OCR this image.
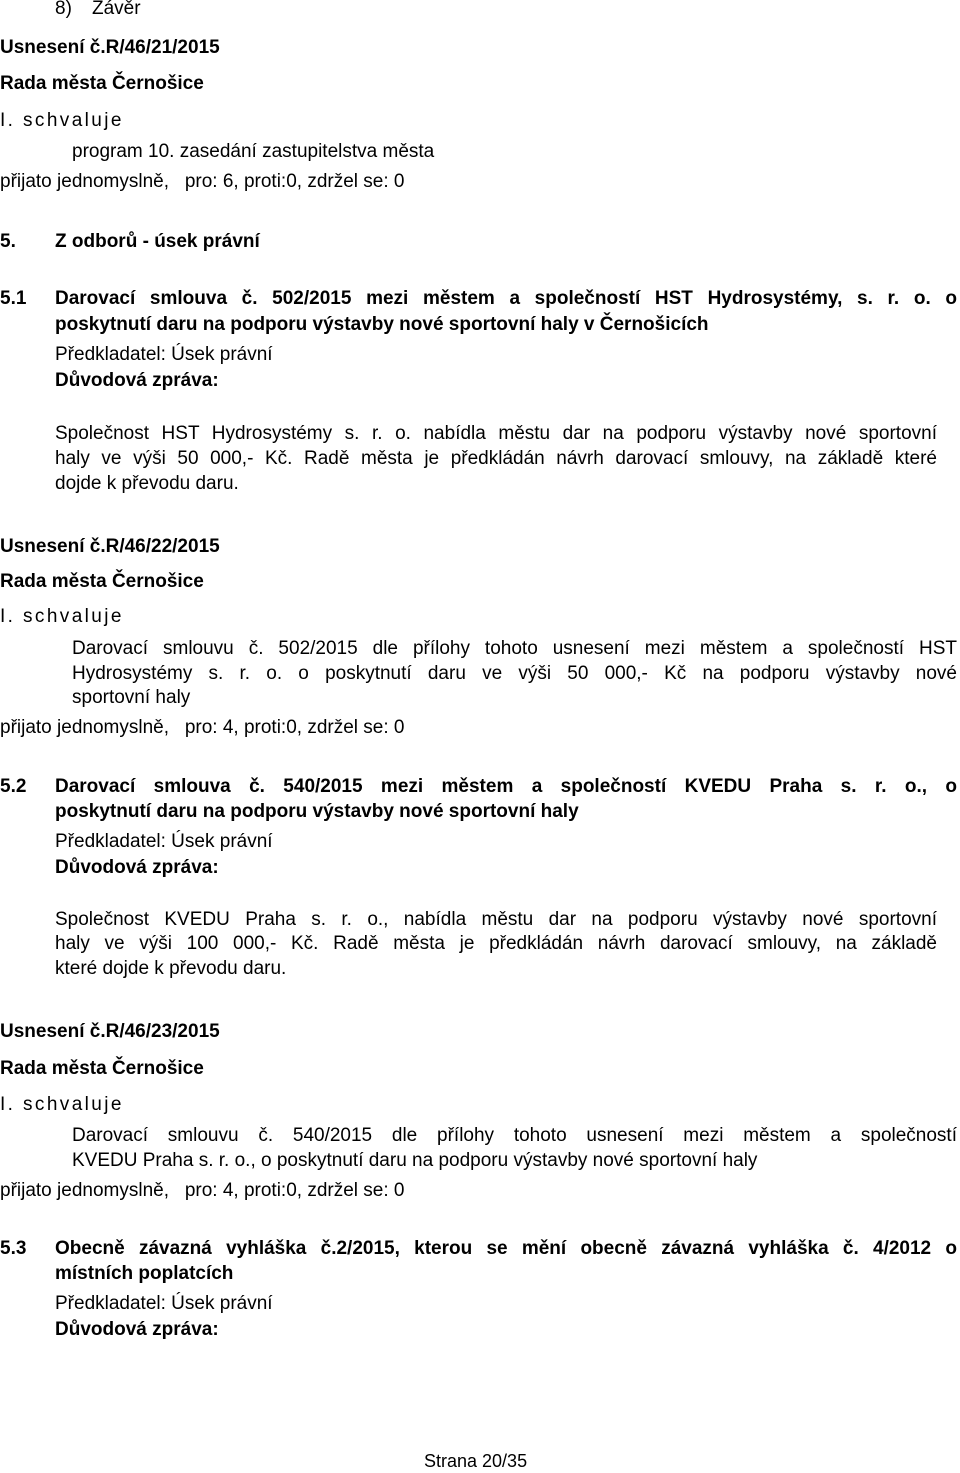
8) Závěr
Usnesení č.R/46/21/2015
Rada města Černošice
I. schvaluje
program 10. zasedání zastupitelstva města
přijato jednomyslně,   pro: 6, proti:0, zdržel se: 0
5. Z odborů - úsek právní
5.1 Darovací smlouva č. 502/2015 mezi městem a společností HST Hydrosystémy, s. r. o. o
poskytnutí daru na podporu výstavby nové sportovní haly v Černošicích
Předkladatel: Úsek právní
Důvodová zpráva:
Společnost HST Hydrosystémy s. r. o. nabídla městu dar na podporu výstavby nové sportovní
haly ve výši 50 000,- Kč. Radě města je předkládán návrh darovací smlouvy, na základě které
dojde k převodu daru.
Usnesení č.R/46/22/2015
Rada města Černošice
I. schvaluje
Darovací smlouvu č. 502/2015 dle přílohy tohoto usnesení mezi městem a společností HST
Hydrosystémy s. r. o. o poskytnutí daru ve výši 50 000,- Kč na podporu výstavby nové
sportovní haly
přijato jednomyslně,   pro: 4, proti:0, zdržel se: 0
5.2 Darovací smlouva č. 540/2015 mezi městem a společností KVEDU Praha s. r. o., o
poskytnutí daru na podporu výstavby nové sportovní haly
Předkladatel: Úsek právní
Důvodová zpráva:
Společnost KVEDU Praha s. r. o., nabídla městu dar na podporu výstavby nové sportovní
haly ve výši 100 000,- Kč. Radě města je předkládán návrh darovací smlouvy, na základě
které dojde k převodu daru.
Usnesení č.R/46/23/2015
Rada města Černošice
I. schvaluje
Darovací smlouvu č. 540/2015 dle přílohy tohoto usnesení mezi městem a společností
KVEDU Praha s. r. o., o poskytnutí daru na podporu výstavby nové sportovní haly
přijato jednomyslně,   pro: 4, proti:0, zdržel se: 0
5.3 Obecně závazná vyhláška č.2/2015, kterou se mění obecně závazná vyhláška č. 4/2012 o
místních poplatcích
Předkladatel: Úsek právní
Důvodová zpráva:
Strana 20/35
